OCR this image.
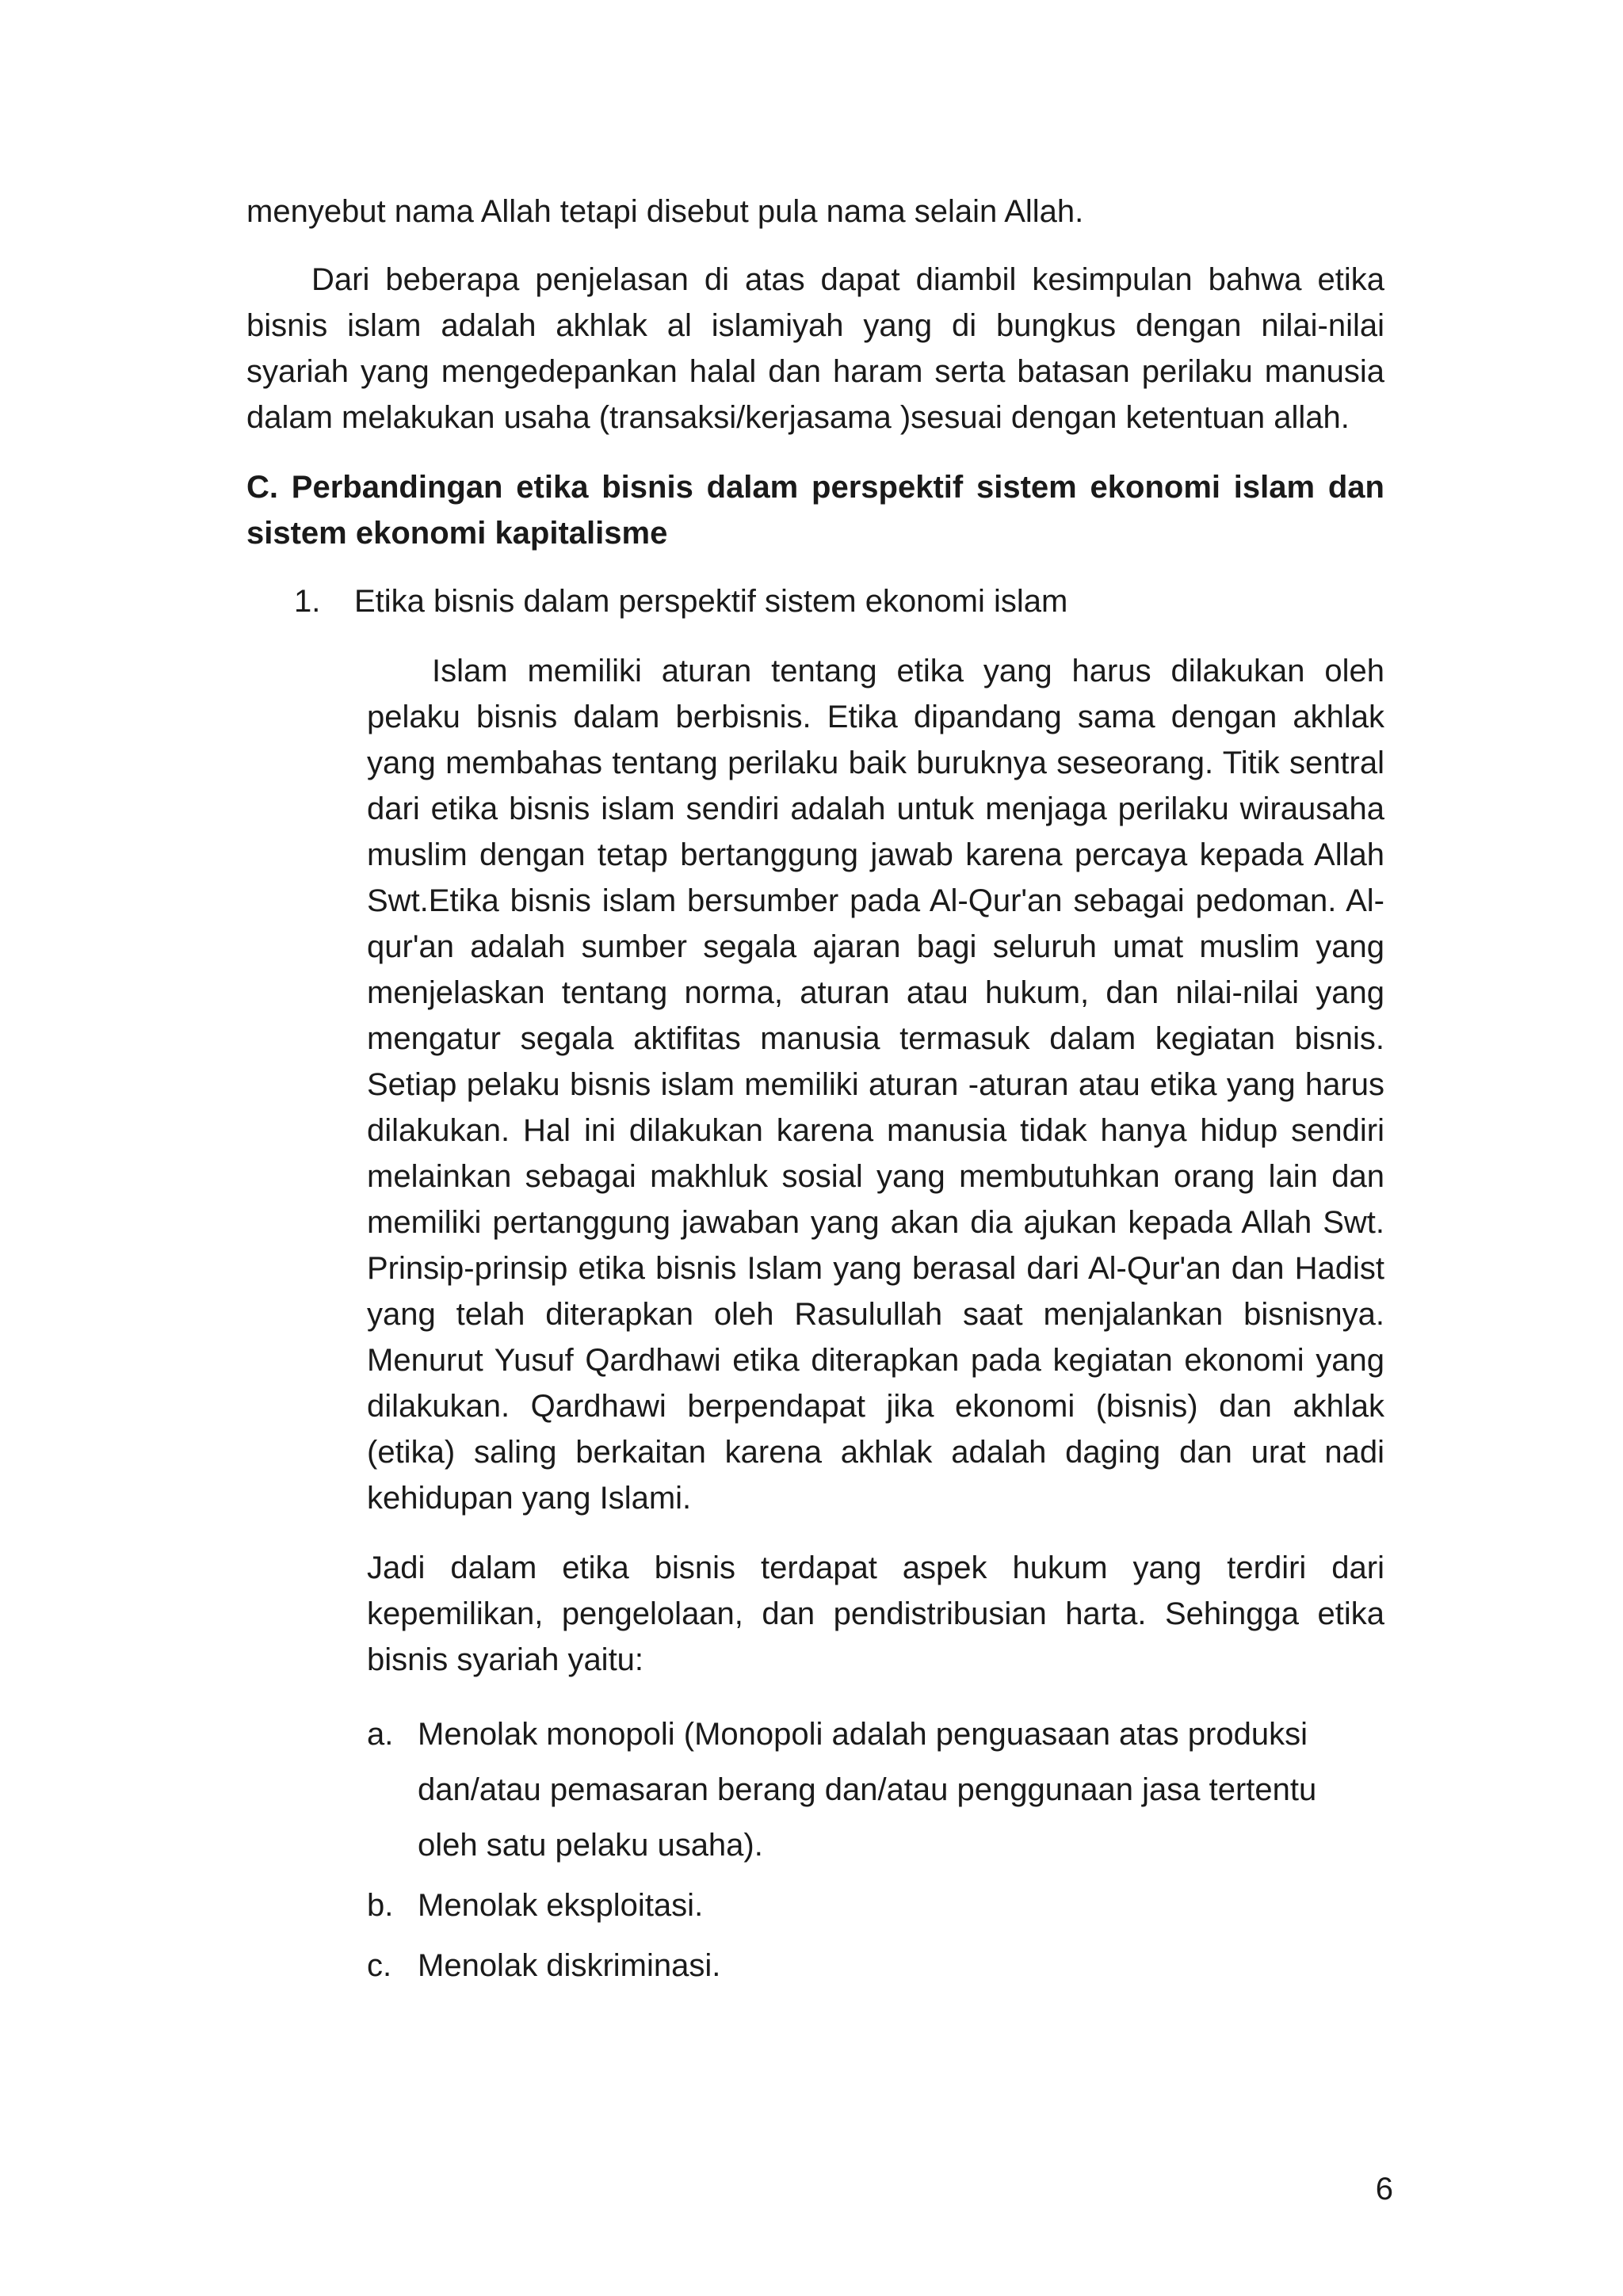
menyebut nama Allah tetapi disebut pula nama selain Allah.

Dari beberapa penjelasan di atas dapat diambil kesimpulan bahwa etika bisnis islam adalah akhlak al islamiyah yang di bungkus dengan nilai-nilai syariah yang mengedepankan halal dan haram serta batasan perilaku manusia dalam melakukan usaha (transaksi/kerjasama )sesuai dengan ketentuan allah.

C. Perbandingan etika bisnis dalam perspektif sistem ekonomi islam dan sistem ekonomi kapitalisme
1. Etika bisnis dalam perspektif sistem ekonomi islam

Islam memiliki aturan tentang etika yang harus dilakukan oleh pelaku bisnis dalam berbisnis. Etika dipandang sama dengan akhlak yang membahas tentang perilaku baik buruknya seseorang. Titik sentral dari etika bisnis islam sendiri adalah untuk menjaga perilaku wirausaha muslim dengan tetap bertanggung jawab karena percaya kepada Allah Swt.Etika bisnis islam bersumber pada Al-Qur'an sebagai pedoman. Al-qur'an adalah sumber segala ajaran bagi seluruh umat muslim yang menjelaskan tentang norma, aturan atau hukum, dan nilai-nilai yang mengatur segala aktifitas manusia termasuk dalam kegiatan bisnis. Setiap pelaku bisnis islam memiliki aturan -aturan atau etika yang harus dilakukan. Hal ini dilakukan karena manusia tidak hanya hidup sendiri melainkan sebagai makhluk sosial yang membutuhkan orang lain dan memiliki pertanggung jawaban yang akan dia ajukan kepada Allah Swt. Prinsip-prinsip etika bisnis Islam yang berasal dari Al-Qur'an dan Hadist yang telah diterapkan oleh Rasulullah saat menjalankan bisnisnya. Menurut Yusuf Qardhawi etika diterapkan pada kegiatan ekonomi yang dilakukan. Qardhawi berpendapat jika ekonomi (bisnis) dan akhlak (etika) saling berkaitan karena akhlak adalah daging dan urat nadi kehidupan yang Islami.

Jadi dalam etika bisnis terdapat aspek hukum yang terdiri dari kepemilikan, pengelolaan, dan pendistribusian harta. Sehingga etika bisnis syariah yaitu:

a. Menolak monopoli (Monopoli adalah penguasaan atas produksi dan/atau pemasaran berang dan/atau penggunaan jasa tertentu oleh satu pelaku usaha).
b. Menolak eksploitasi.
c. Menolak diskriminasi.
6
